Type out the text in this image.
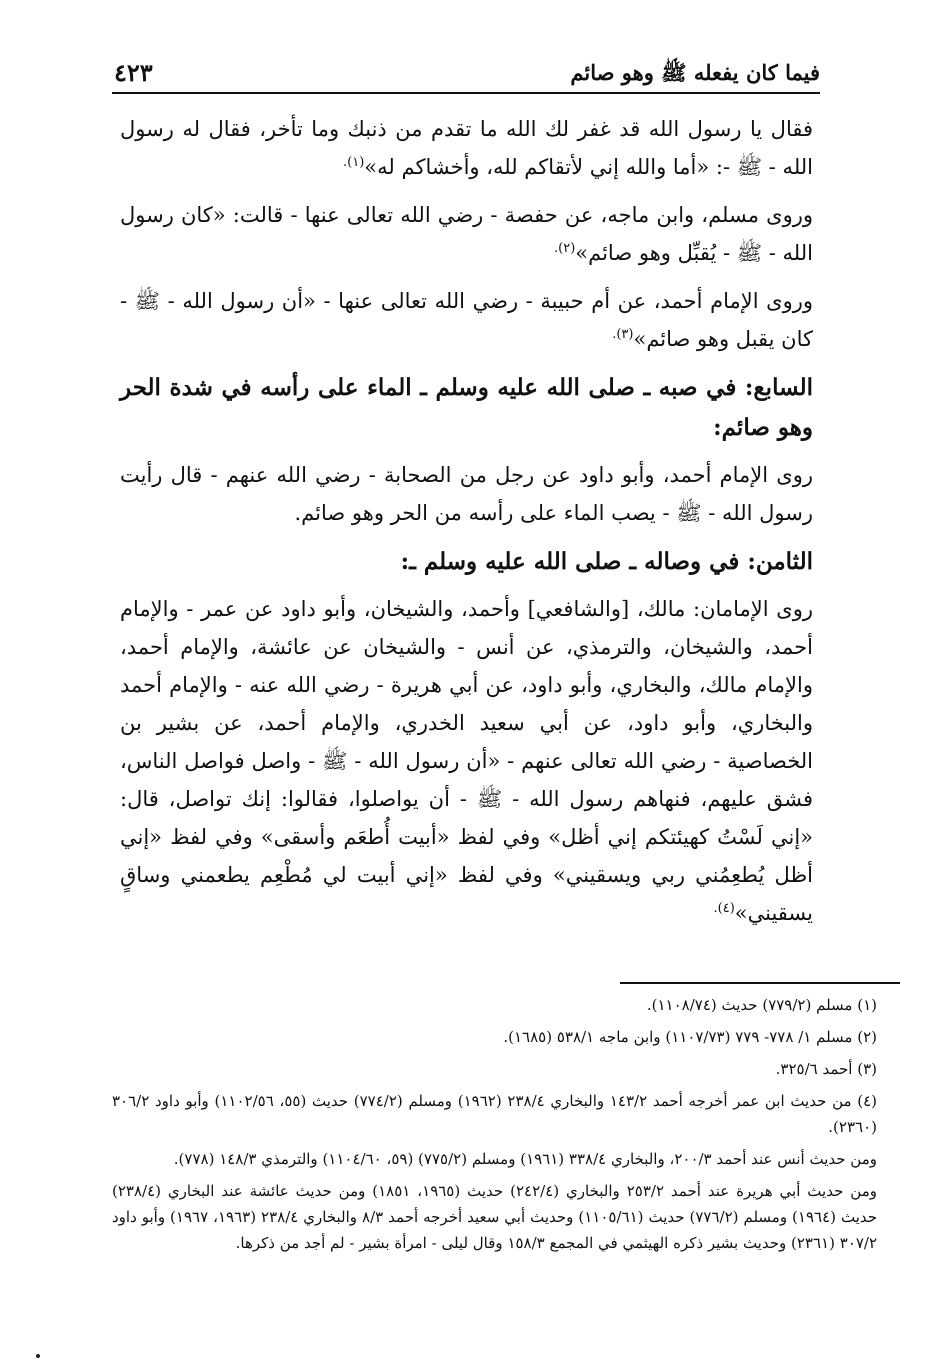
فيما كان يفعله ﷺ وهو صائم
٤٢٣

فقال يا رسول الله قد غفر لك الله ما تقدم من ذنبك وما تأخر، فقال له رسول الله - ﷺ -: «أما والله إني لأتقاكم لله، وأخشاكم له»$^{(١).}$

وروى مسلم، وابن ماجه، عن حفصة - رضي الله تعالى عنها - قالت: «كان رسول الله - ﷺ - يُقبِّل وهو صائم»$^{(٢).}$

وروى الإمام أحمد، عن أم حبيبة - رضي الله تعالى عنها - «أن رسول الله - ﷺ - كان يقبل وهو صائم»$^{(٣).}$

السابع: في صبه ـ صلى الله عليه وسلم ـ الماء على رأسه في شدة الحر وهو صائم:

روى الإمام أحمد، وأبو داود عن رجل من الصحابة - رضي الله عنهم - قال رأيت رسول الله - ﷺ - يصب الماء على رأسه من الحر وهو صائم.

الثامن: في وصاله ـ صلى الله عليه وسلم ـ:

روى الإمامان: مالك، [والشافعي] وأحمد، والشيخان، وأبو داود عن عمر - والإمام أحمد، والشيخان، والترمذي، عن أنس - والشيخان عن عائشة، والإمام أحمد، والإمام مالك، والبخاري، وأبو داود، عن أبي هريرة - رضي الله عنه - والإمام أحمد والبخاري، وأبو داود، عن أبي سعيد الخدري، والإمام أحمد، عن بشير بن الخصاصية - رضي الله تعالى عنهم - «أن رسول الله - ﷺ - واصل فواصل الناس، فشق عليهم، فنهاهم رسول الله - ﷺ - أن يواصلوا، فقالوا: إنك تواصل، قال: «إني لَسْتُ كهيئتكم إني أظل» وفي لفظ «أبيت أُطعَم وأسقى» وفي لفظ «إني أظل يُطعِمُني ربي ويسقيني» وفي لفظ «إني أبيت لي مُطْعِم يطعمني وساقٍ يسقيني»$^{(٤).}$

(١) مسلم (٧٧٩/٢) حديث (١١٠٨/٧٤).

(٢) مسلم ١/ ٧٧٨- ٧٧٩ (١١٠٧/٧٣) وابن ماجه ٥٣٨/١ (١٦٨٥).

(٣) أحمد ٣٢٥/٦.

(٤) من حديث ابن عمر أخرجه أحمد ١٤٣/٢ والبخاري ٢٣٨/٤ (١٩٦٢) ومسلم (٧٧٤/٢) حديث (٥٥، ١١٠٢/٥٦) وأبو داود ٣٠٦/٢ (٢٣٦٠).

ومن حديث أنس عند أحمد ٢٠٠/٣، والبخاري ٣٣٨/٤ (١٩٦١) ومسلم (٧٧٥/٢) (٥٩، ١١٠٤/٦٠) والترمذي ١٤٨/٣ (٧٧٨).

ومن حديث أبي هريرة عند أحمد ٢٥٣/٢ والبخاري (٢٤٢/٤) حديث (١٩٦٥، ١٨٥١) ومن حديث عائشة عند البخاري (٢٣٨/٤) حديث (١٩٦٤) ومسلم (٧٧٦/٢) حديث (١١٠٥/٦١) وحديث أبي سعيد أخرجه أحمد ٨/٣ والبخاري ٢٣٨/٤ (١٩٦٣، ١٩٦٧) وأبو داود ٣٠٧/٢ (٢٣٦١) وحديث بشير ذكره الهيثمي في المجمع ١٥٨/٣ وقال ليلى - امرأة بشير - لم أجد من ذكرها.
